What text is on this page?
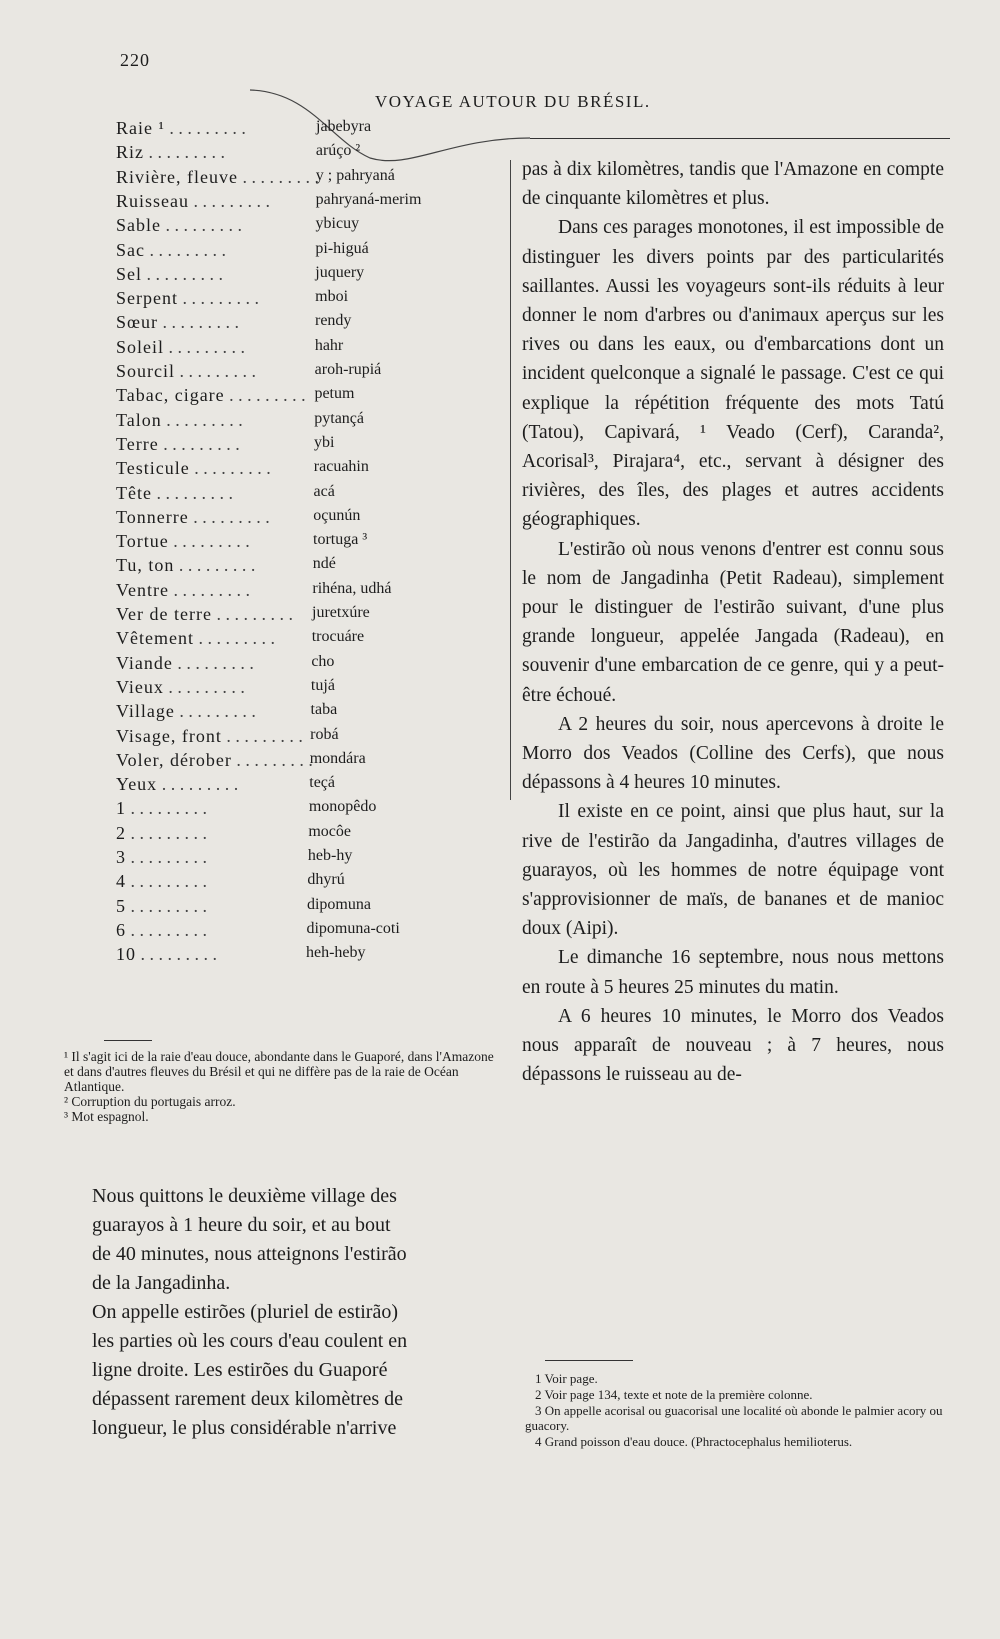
220
VOYAGE AUTOUR DU BRÉSIL.
Raie ¹ . . .	jabebyra
Riz . . .	arúço ²
Rivière, fleuve . . .	y ; pahryaná
Ruisseau . . .	pahryaná-merim
Sable . . .	ybicuy
Sac . . .	pi-higuá
Sel . . .	juquery
Serpent . . .	mboi
Sœur . . .	rendy
Soleil . . .	hahr
Sourcil . . .	aroh-rupiá
Tabac, cigare . . .	petum
Talon . . .	pytançá
Terre . . .	ybi
Testicule . . .	racuahin
Tête . . .	acá
Tonnerre . . .	oçunún
Tortue . . .	tortuga ³
Tu, ton . . .	ndé
Ventre . . .	rihéna, udhá
Ver de terre . . .	juretxúre
Vêtement . . .	trocuáre
Viande . . .	cho
Vieux . . .	tujá
Village . . .	taba
Visage, front . . .	robá
Voler, dérober . . .	mondára
Yeux . . .	teçá
1 . . .	monopêdo
2 . . .	mocôe
3 . . .	heb-hy
4 . . .	dhyrú
5 . . .	dipomuna
6 . . .	dipomuna-coti
10 . . .	heh-heby
¹ Il s'agit ici de la raie d'eau douce, abondante dans le Guaporé, dans l'Amazone et dans d'autres fleuves du Brésil et qui ne diffère pas de la raie de Océan Atlantique.
² Corruption du portugais arroz.
³ Mot espagnol.

Nous quittons le deuxième village des

guarayos à 1 heure du soir, et au bout

de 40 minutes, nous atteignons l'estirão

de la Jangadinha.

On appelle estirões (pluriel de estirão)

les parties où les cours d'eau coulent en

ligne droite. Les estirões du Guaporé

dépassent rarement deux kilomètres de

longueur, le plus considérable n'arrive

pas à dix kilomètres, tandis que l'Amazone en compte de cinquante kilomètres et plus.

Dans ces parages monotones, il est impossible de distinguer les divers points par des particularités saillantes. Aussi les voyageurs sont-ils réduits à leur donner le nom d'arbres ou d'animaux aperçus sur les rives ou dans les eaux, ou d'embarcations dont un incident quelconque a signalé le passage. C'est ce qui explique la répétition fréquente des mots Tatú (Tatou), Capivará, ¹ Veado (Cerf), Caranda², Acorisal³, Pirajara⁴, etc., servant à désigner des rivières, des îles, des plages et autres accidents géographiques.

L'estirão où nous venons d'entrer est connu sous le nom de Jangadinha (Petit Radeau), simplement pour le distinguer de l'estirão suivant, d'une plus grande longueur, appelée Jangada (Radeau), en souvenir d'une embarcation de ce genre, qui y a peut-être échoué.

A 2 heures du soir, nous apercevons à droite le Morro dos Veados (Colline des Cerfs), que nous dépassons à 4 heures 10 minutes.

Il existe en ce point, ainsi que plus haut, sur la rive de l'estirão da Jangadinha, d'autres villages de guarayos, où les hommes de notre équipage vont s'approvisionner de maïs, de bananes et de manioc doux (Aipi).

Le dimanche 16 septembre, nous nous mettons en route à 5 heures 25 minutes du matin.

A 6 heures 10 minutes, le Morro dos Veados nous apparaît de nouveau ; à 7 heures, nous dépassons le ruisseau au de-

1 Voir page.

2 Voir page 134, texte et note de la première colonne.

3 On appelle acorisal ou guacorisal une localité où abonde le palmier acory ou guacory.

4 Grand poisson d'eau douce. (Phractocephalus hemilioterus.
